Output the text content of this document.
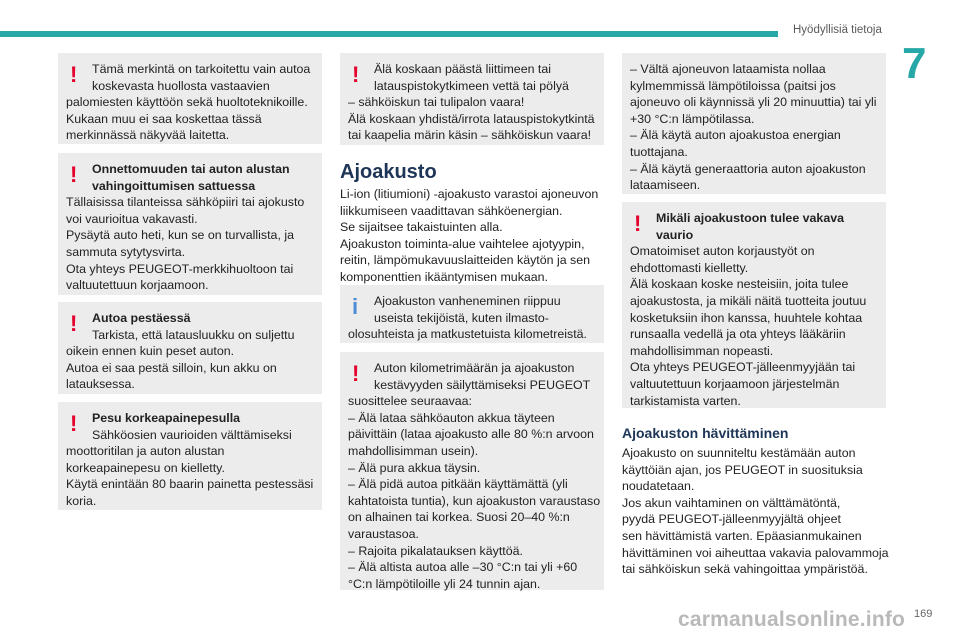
Hyödyllisiä tietoja
7
!	Tämä merkintä on tarkoitettu vain autoa
koskevasta huollosta vastaavien
palomiesten käyttöön sekä huoltoteknikoille.
Kukaan muu ei saa koskettaa tässä
merkinnässä näkyvää laitetta.
!	Onnettomuuden tai auton alustan
vahingoittumisen sattuessa
Tällaisissa tilanteissa sähköpiiri tai ajokusto
voi vaurioitua vakavasti.
Pysäytä auto heti, kun se on turvallista, ja
sammuta sytytysvirta.
Ota yhteys PEUGEOT-merkkihuoltoon tai
valtuutettuun korjaamoon.
!	Autoa pestäessä
Tarkista, että latausluukku on suljettu
oikein ennen kuin peset auton.
Autoa ei saa pestä silloin, kun akku on
latauksessa.
!	Pesu korkeapainepesulla
Sähköosien vaurioiden välttämiseksi
moottoritilan ja auton alustan
korkeapainepesu on kielletty.
Käytä enintään 80 baarin painetta pestessäsi
koria.
!	Älä koskaan päästä liittimeen tai
latauspistokytkimeen vettä tai pölyä
– sähköiskun tai tulipalon vaara!
Älä koskaan yhdistä/irrota latauspistokytkintä
tai kaapelia märin käsin – sähköiskun vaara!
Ajoakusto
Li-ion (litiumioni) -ajoakusto varastoi ajoneuvon
liikkumiseen vaadittavan sähköenergian.
Se sijaitsee takaistuinten alla.
Ajoakuston toiminta-alue vaihtelee ajotyypin,
reitin, lämpömukavuuslaitteiden käytön ja sen
komponenttien ikääntymisen mukaan.
i	Ajoakuston vanheneminen riippuu
useista tekijöistä, kuten ilmasto-
olosuhteista ja matkustetuista kilometreistä.
!	Auton kilometrimäärän ja ajoakuston
kestävyyden säilyttämiseksi PEUGEOT
suosittelee seuraavaa:
– Älä lataa sähköauton akkua täyteen
päivittäin (lataa ajoakusto alle 80 %:n arvoon
mahdollisimman usein).
– Älä pura akkua täysin.
– Älä pidä autoa pitkään käyttämättä (yli
kahtatoista tuntia), kun ajoakuston varaustaso
on alhainen tai korkea. Suosi 20–40 %:n
varaustasoa.
– Rajoita pikalatauksen käyttöä.
– Älä altista autoa alle –30 °C:n tai yli +60
°C:n lämpötiloille yli 24 tunnin ajan.
– Vältä ajoneuvon lataamista nollaa
kylmemmissä lämpötiloissa (paitsi jos
ajoneuvo oli käynnissä yli 20 minuuttia) tai yli
+30 °C:n lämpötilassa.
– Älä käytä auton ajoakustoa energian
tuottajana.
– Älä käytä generaattoria auton ajoakuston
lataamiseen.
!	Mikäli ajoakustoon tulee vakava
vaurio
Omatoimiset auton korjaustyöt on
ehdottomasti kielletty.
Älä koskaan koske nesteisiin, joita tulee
ajoakustosta, ja mikäli näitä tuotteita joutuu
kosketuksiin ihon kanssa, huuhtele kohtaa
runsaalla vedellä ja ota yhteys lääkäriin
mahdollisimman nopeasti.
Ota yhteys PEUGEOT-jälleenmyyjään tai
valtuutettuun korjaamoon järjestelmän
tarkistamista varten.
Ajoakuston hävittäminen
Ajoakusto on suunniteltu kestämään auton
käyttöiän ajan, jos PEUGEOT in suosituksia
noudatetaan.
Jos akun vaihtaminen on välttämätöntä,
pyydä PEUGEOT-jälleenmyyjältä ohjeet
sen hävittämistä varten. Epäasianmukainen
hävittäminen voi aiheuttaa vakavia palovammoja
tai sähköiskun sekä vahingoittaa ympäristöä.
carmanualsonline.info 169
